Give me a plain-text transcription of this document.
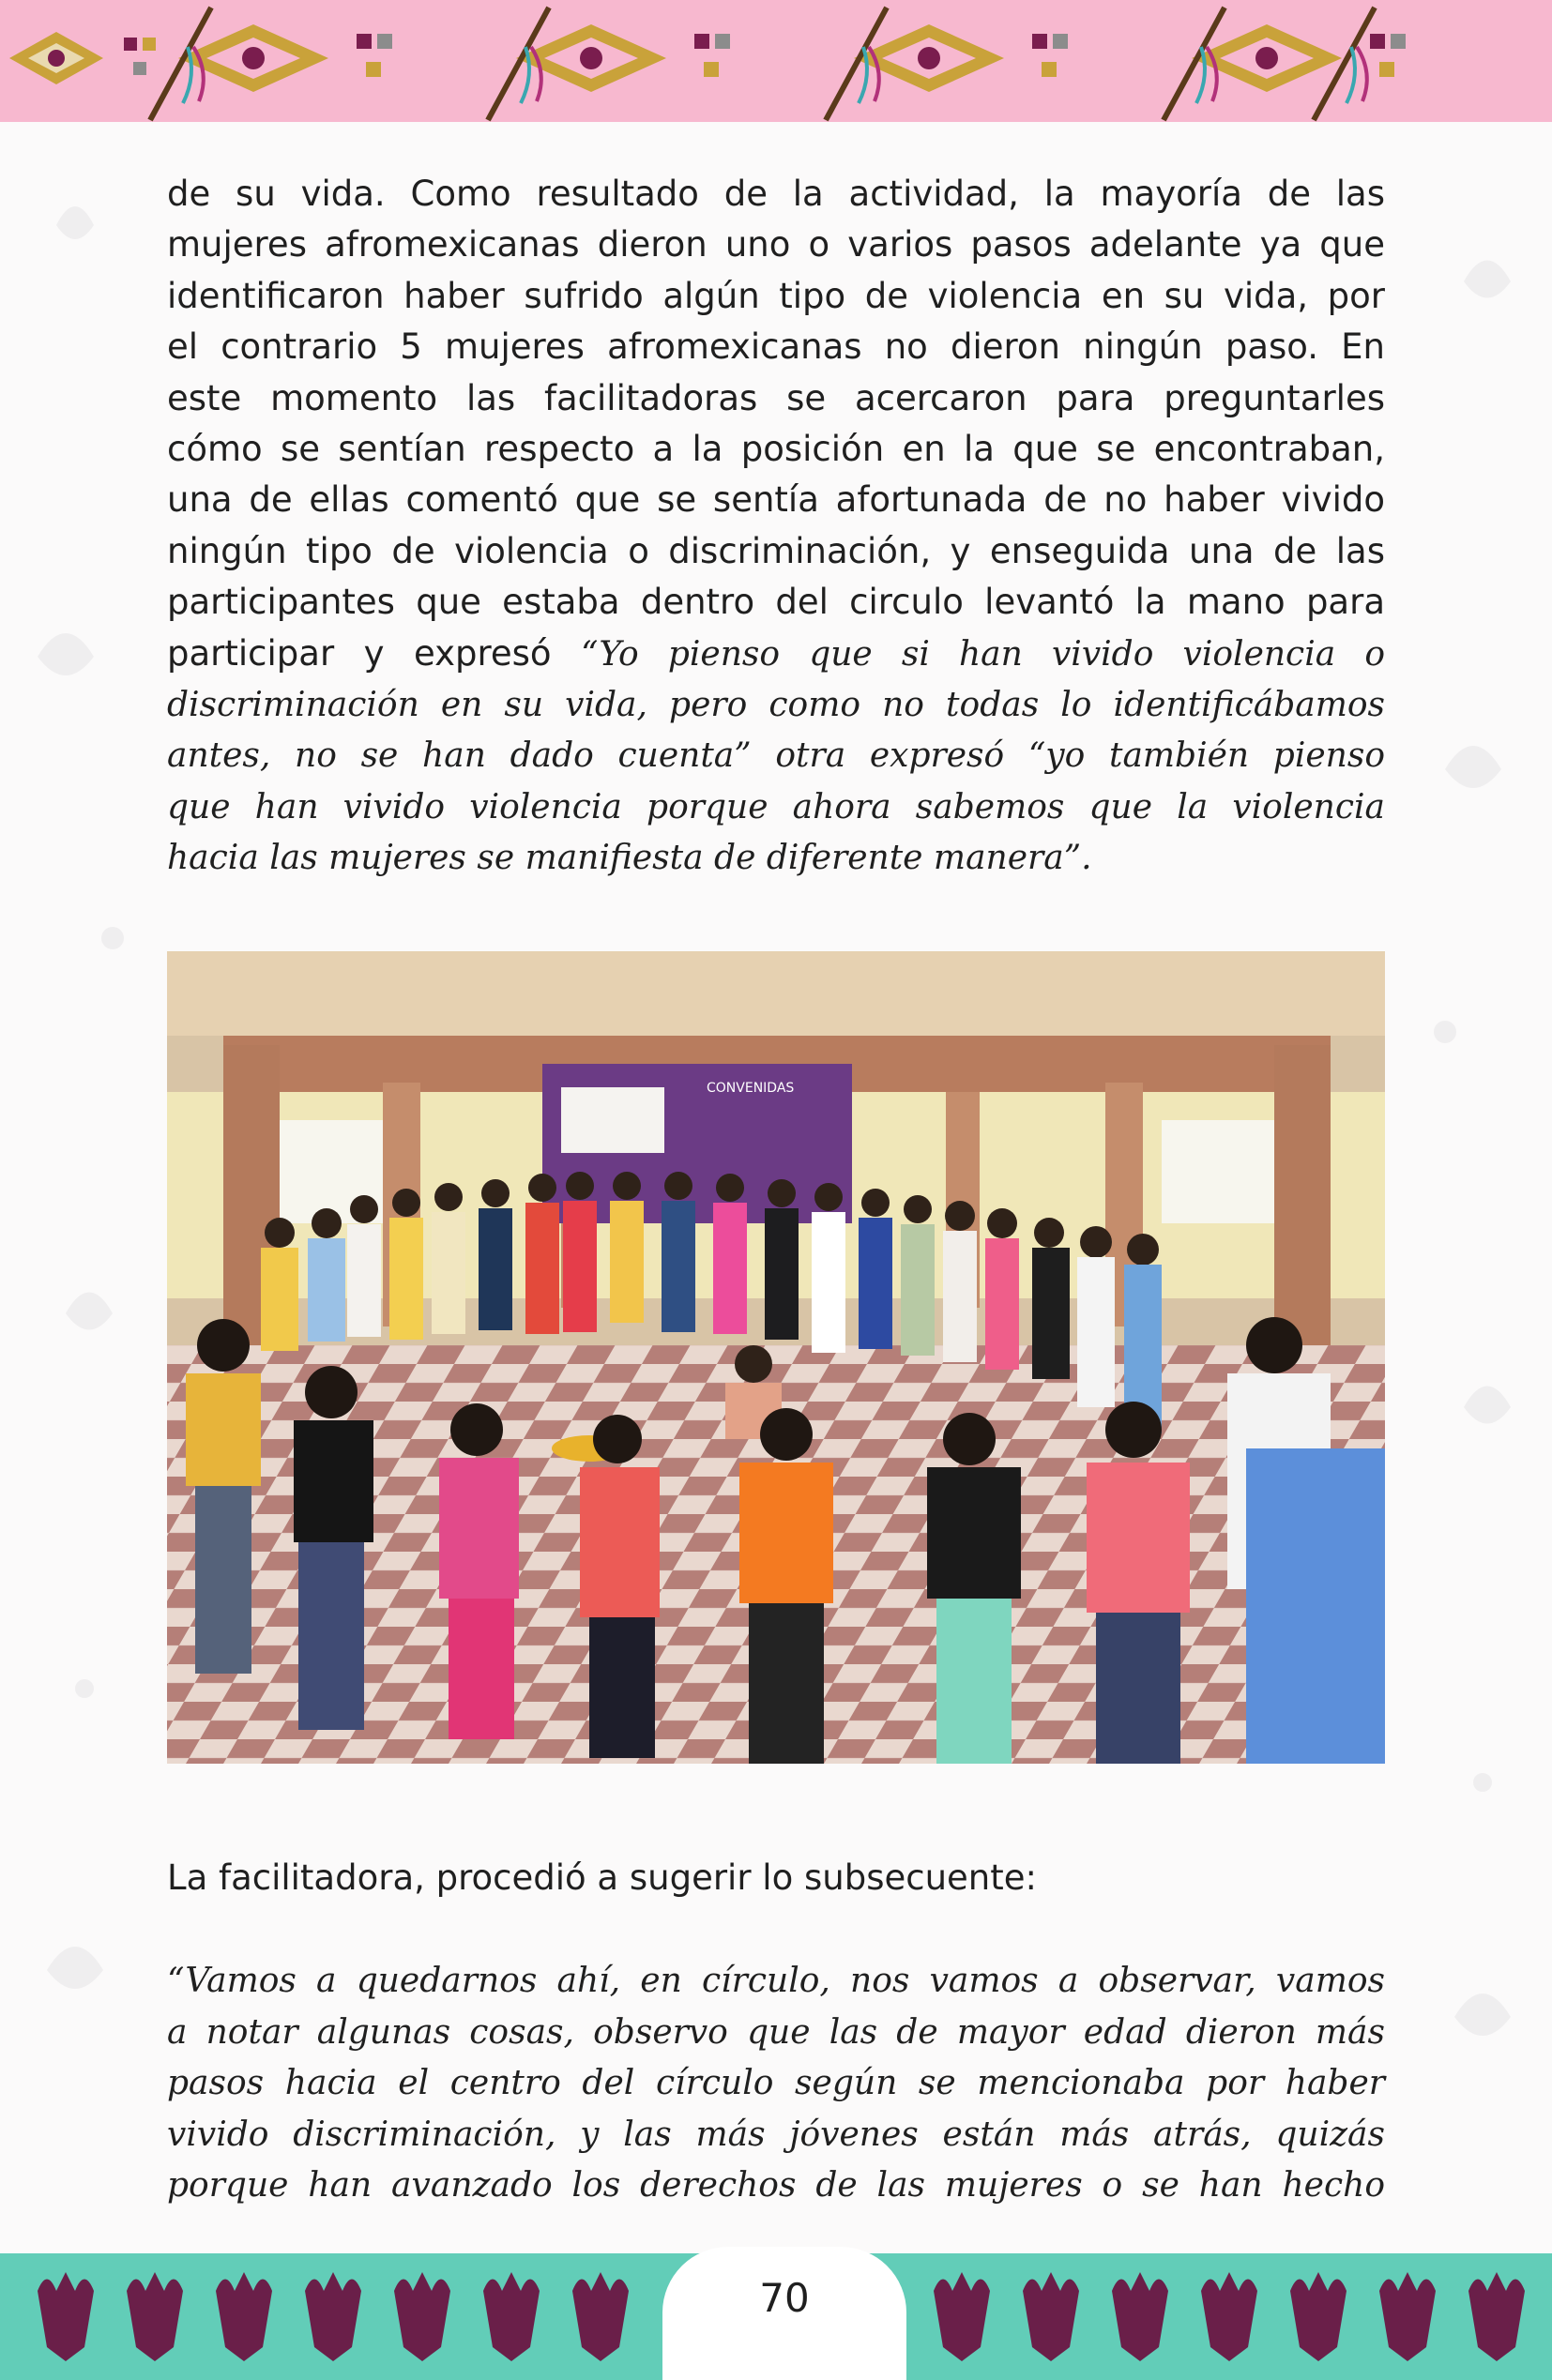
de su vida. Como resultado de la actividad, la mayoría de las
mujeres afromexicanas dieron uno o varios pasos adelante ya que
identificaron haber sufrido algún tipo de violencia en su vida, por
el contrario 5 mujeres afromexicanas no dieron ningún paso. En
este momento las facilitadoras se acercaron para preguntarles
cómo se sentían respecto a la posición en la que se encontraban,
una de ellas comentó que se sentía afortunada de no haber vivido
ningún tipo de violencia o discriminación, y enseguida una de las
participantes que estaba dentro del circulo levantó la mano para
participar y expresó “Yo pienso que si han vivido violencia o
discriminación en su vida, pero como no todas lo identificábamos
antes, no se han dado cuenta” otra expresó “yo también pienso
que han vivido violencia porque ahora sabemos que la violencia
hacia las mujeres se manifiesta de diferente manera”.
CONVENIDAS
La facilitadora, procedió a sugerir lo subsecuente:
“Vamos a quedarnos ahí, en círculo, nos vamos a observar, vamos
a notar algunas cosas, observo que las de mayor edad dieron más
pasos hacia el centro del círculo según se mencionaba por haber
vivido discriminación, y las más jóvenes están más atrás, quizás
porque han avanzado los derechos de las mujeres o se han hecho
70
